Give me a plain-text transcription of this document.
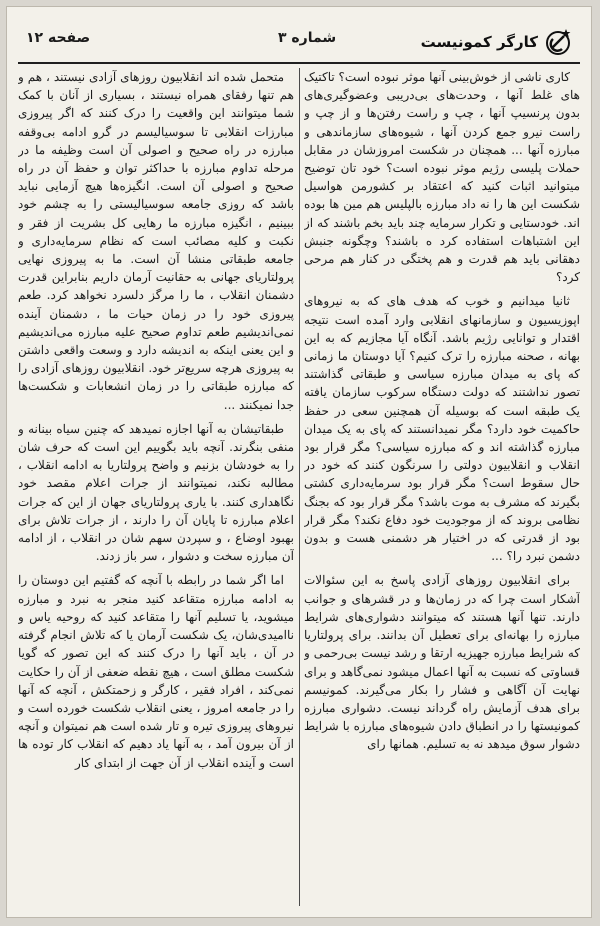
صفحه ۱۲	شماره ۳	کارگر کمونیست

کاری ناشی از خوش‌بینی آنها موثر نبوده است؟ تاکتیک های غلط آنها ، وحدت‌های بی‌دریبی وعضوگیری‌های بدون پرنسیپ آنها ، چپ و راست رفتن‌ها و از چپ و راست نیرو جمع کردن آنها ، شیوه‌های سازماندهی و مبارزه آنها ... همچنان در شکست امروزشان در مقابل حملات پلیسی رژیم موثر نبوده است؟ خود تان توضیح میتوانید اثبات کنید که اعتقاد بر کشورمن هواسیل شکست این ها را نه داد مبارزه بالپلیس هم مین ها بوده اند. خودستایی و تکرار سرمایه چند باید بخم باشند که از این اشتباهات استفاده کرد ه باشند؟ وچگونه جنبش دهقانی باید هم قدرت و هم پختگی در کنار هم مرحی کرد؟

ثانیا میدانیم و خوب که هدف های که به نیروهای اپوزیسیون و سازمانهای انقلابی وارد آمده است نتیجه اقتدار و توانایی رژیم باشد. آنگاه آیا مجازیم که به این بهانه ، صحنه مبارزه را ترک کنیم؟ آیا دوستان ما زمانی که پای به میدان مبارزه سیاسی و طبقاتی گذاشتند تصور نداشتند که دولت دستگاه سرکوب سازمان یافته یک طبقه است که بوسیله آن همچنین سعی در حفظ حاکمیت خود دارد؟ مگر نمیدانستند که پای به یک میدان مبارزه گذاشته اند و که مبارزه سیاسی؟ مگر قرار بود انقلاب و انقلابیون دولتی را سرنگون کنند که خود در حال سقوط است؟ مگر قرار بود سرمایه‌داری کشتی بگیرند که مشرف به موت باشد؟ مگر قرار بود که بجنگ نظامی بروند که از موجودیت خود دفاع نکند؟ مگر قرار بود از قدرتی که در اختیار هر دشمنی هست و بدون دشمن نبرد را؟ ...

برای انقلابیون روزهای آزادی پاسخ به این سئوالات آشکار است چرا که در زمان‌ها و در قشرهای و جوانب دارند. تنها آنها هستند که میتوانند دشواری‌های شرایط مبارزه را بهانه‌ای برای تعطیل آن بدانند. برای پرولتاریا که شرایط مبارزه جهیزیه ارتقا و رشد نیست بی‌رحمی و قساوتی که نسبت به آنها اعمال میشود نمی‌گاهد و برای نهایت آن آگاهی و فشار را بکار می‌گیرند. کمونیسم برای هدف آزمایش راه گرداند نیست. دشواری مبارزه کمونیستها را در انطباق دادن شیوه‌های مبارزه با شرایط دشوار سوق میدهد نه به تسلیم. همانها رای

متحمل شده اند انقلابیون روزهای آزادی نیستند ، هم و هم تنها رفقای همراه نیستند ، بسیاری از آنان با کمک شما میتوانند این واقعیت را درک کنند که اگر پیروزی مبارزات انقلابی تا سوسیالیسم در گرو ادامه بی‌وقفه مبارزه در راه صحیح و اصولی آن است وظیفه ما در مرحله تداوم مبارزه با حداکثر توان و حفظ آن در راه صحیح و اصولی آن است. انگیزه‌ها هیچ آزمایی نباید باشد که روزی جامعه سوسیالیستی را به چشم خود ببینیم ، انگیزه مبارزه ما رهایی کل بشریت از فقر و نکبت و کلیه مصائب است که نظام سرمایه‌داری و جامعه طبقاتی منشا آن است. ما به پیروزی نهایی پرولتاریای جهانی به حقانیت آرمان داریم بنابراین قدرت دشمنان انقلاب ، ما را مرگز دلسرد نخواهد کرد. طعم پیروزی خود را در زمان حیات ما ، دشمنان آینده نمی‌اندیشیم طعم تداوم صحیح علیه مبارزه می‌اندیشیم و این یعنی اینکه به اندیشه دارد و وسعت واقعی داشتن به پیروزی هرچه سریع‌تر خود. انقلابیون روزهای آزادی را که مبارزه طبقاتی را در زمان انشعابات و شکست‌ها جدا نمیکنند ...

طبقاتیشان به آنها اجازه نمیدهد که چنین سیاه بینانه و منفی بنگرند. آنچه باید بگوییم این است که حرف شان را به خودشان بزنیم و واضح پرولتاریا به ادامه انقلاب ، مطالبه نکند، نمیتوانند از جرات اعلام مقصد خود نگاهداری کنند. با یاری پرولتاریای جهان از این که جرات اعلام مبارزه تا پایان آن را دارند ، از جرات تلاش برای بهبود اوضاع ، و سپردن سهم شان در انقلاب ، از ادامه آن مبارزه سخت و دشوار ، سر باز زدند.

اما اگر شما در رابطه با آنچه که گفتیم این دوستان را به ادامه مبارزه متقاعد کنید منجر به نبرد و مبارزه میشوید، یا تسلیم آنها را متقاعد کنید که روحیه یاس و ناامیدی‌شان، یک شکست آرمان یا که تلاش انجام گرفته در آن ، باید آنها را درک کنند که این تصور که گویا شکست مطلق است ، هیچ نقطه ضعفی از آن را حکایت نمی‌کند ، افراد فقیر ، کارگر و زحمتکش ، آنچه که آنها را در جامعه امروز ، یعنی انقلاب شکست خورده است و نیروهای پیروزی تیره و تار شده است هم نمیتوان و آنچه از آن بیرون آمد ، به آنها یاد دهیم که انقلاب کار توده ها است و آینده انقلاب از آن جهت از ابتدای کار
